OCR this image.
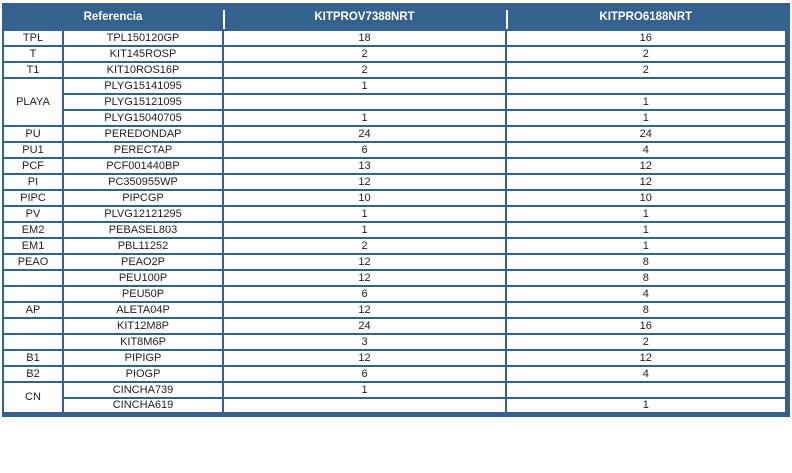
Referencia		KITPROV7388NRT	KITPRO6188NRT
TPL	TPL150120GP	18	16
T	KIT145ROSP	2	2
T1	KIT10ROS16P	2	2
PLAYA	PLYG15141095	1	
	PLYG15121095		1
	PLYG15040705	1	1
PU	PEREDONDAP	24	24
PU1	PERECTAP	6	4
PCF	PCF001440BP	13	12
PI	PC350955WP	12	12
PIPC	PIPCGP	10	10
PV	PLVG12121295	1	1
EM2	PEBASEL803	1	1
EM1	PBL11252	2	1
PEAO	PEAO2P	12	8
	PEU100P	12	8
	PEU50P	6	4
AP	ALETA04P	12	8
	KIT12M8P	24	16
	KIT8M6P	3	2
B1	PIPIGP	12	12
B2	PIOGP	6	4
CN	CINCHA739	1	
	CINCHA619		1
